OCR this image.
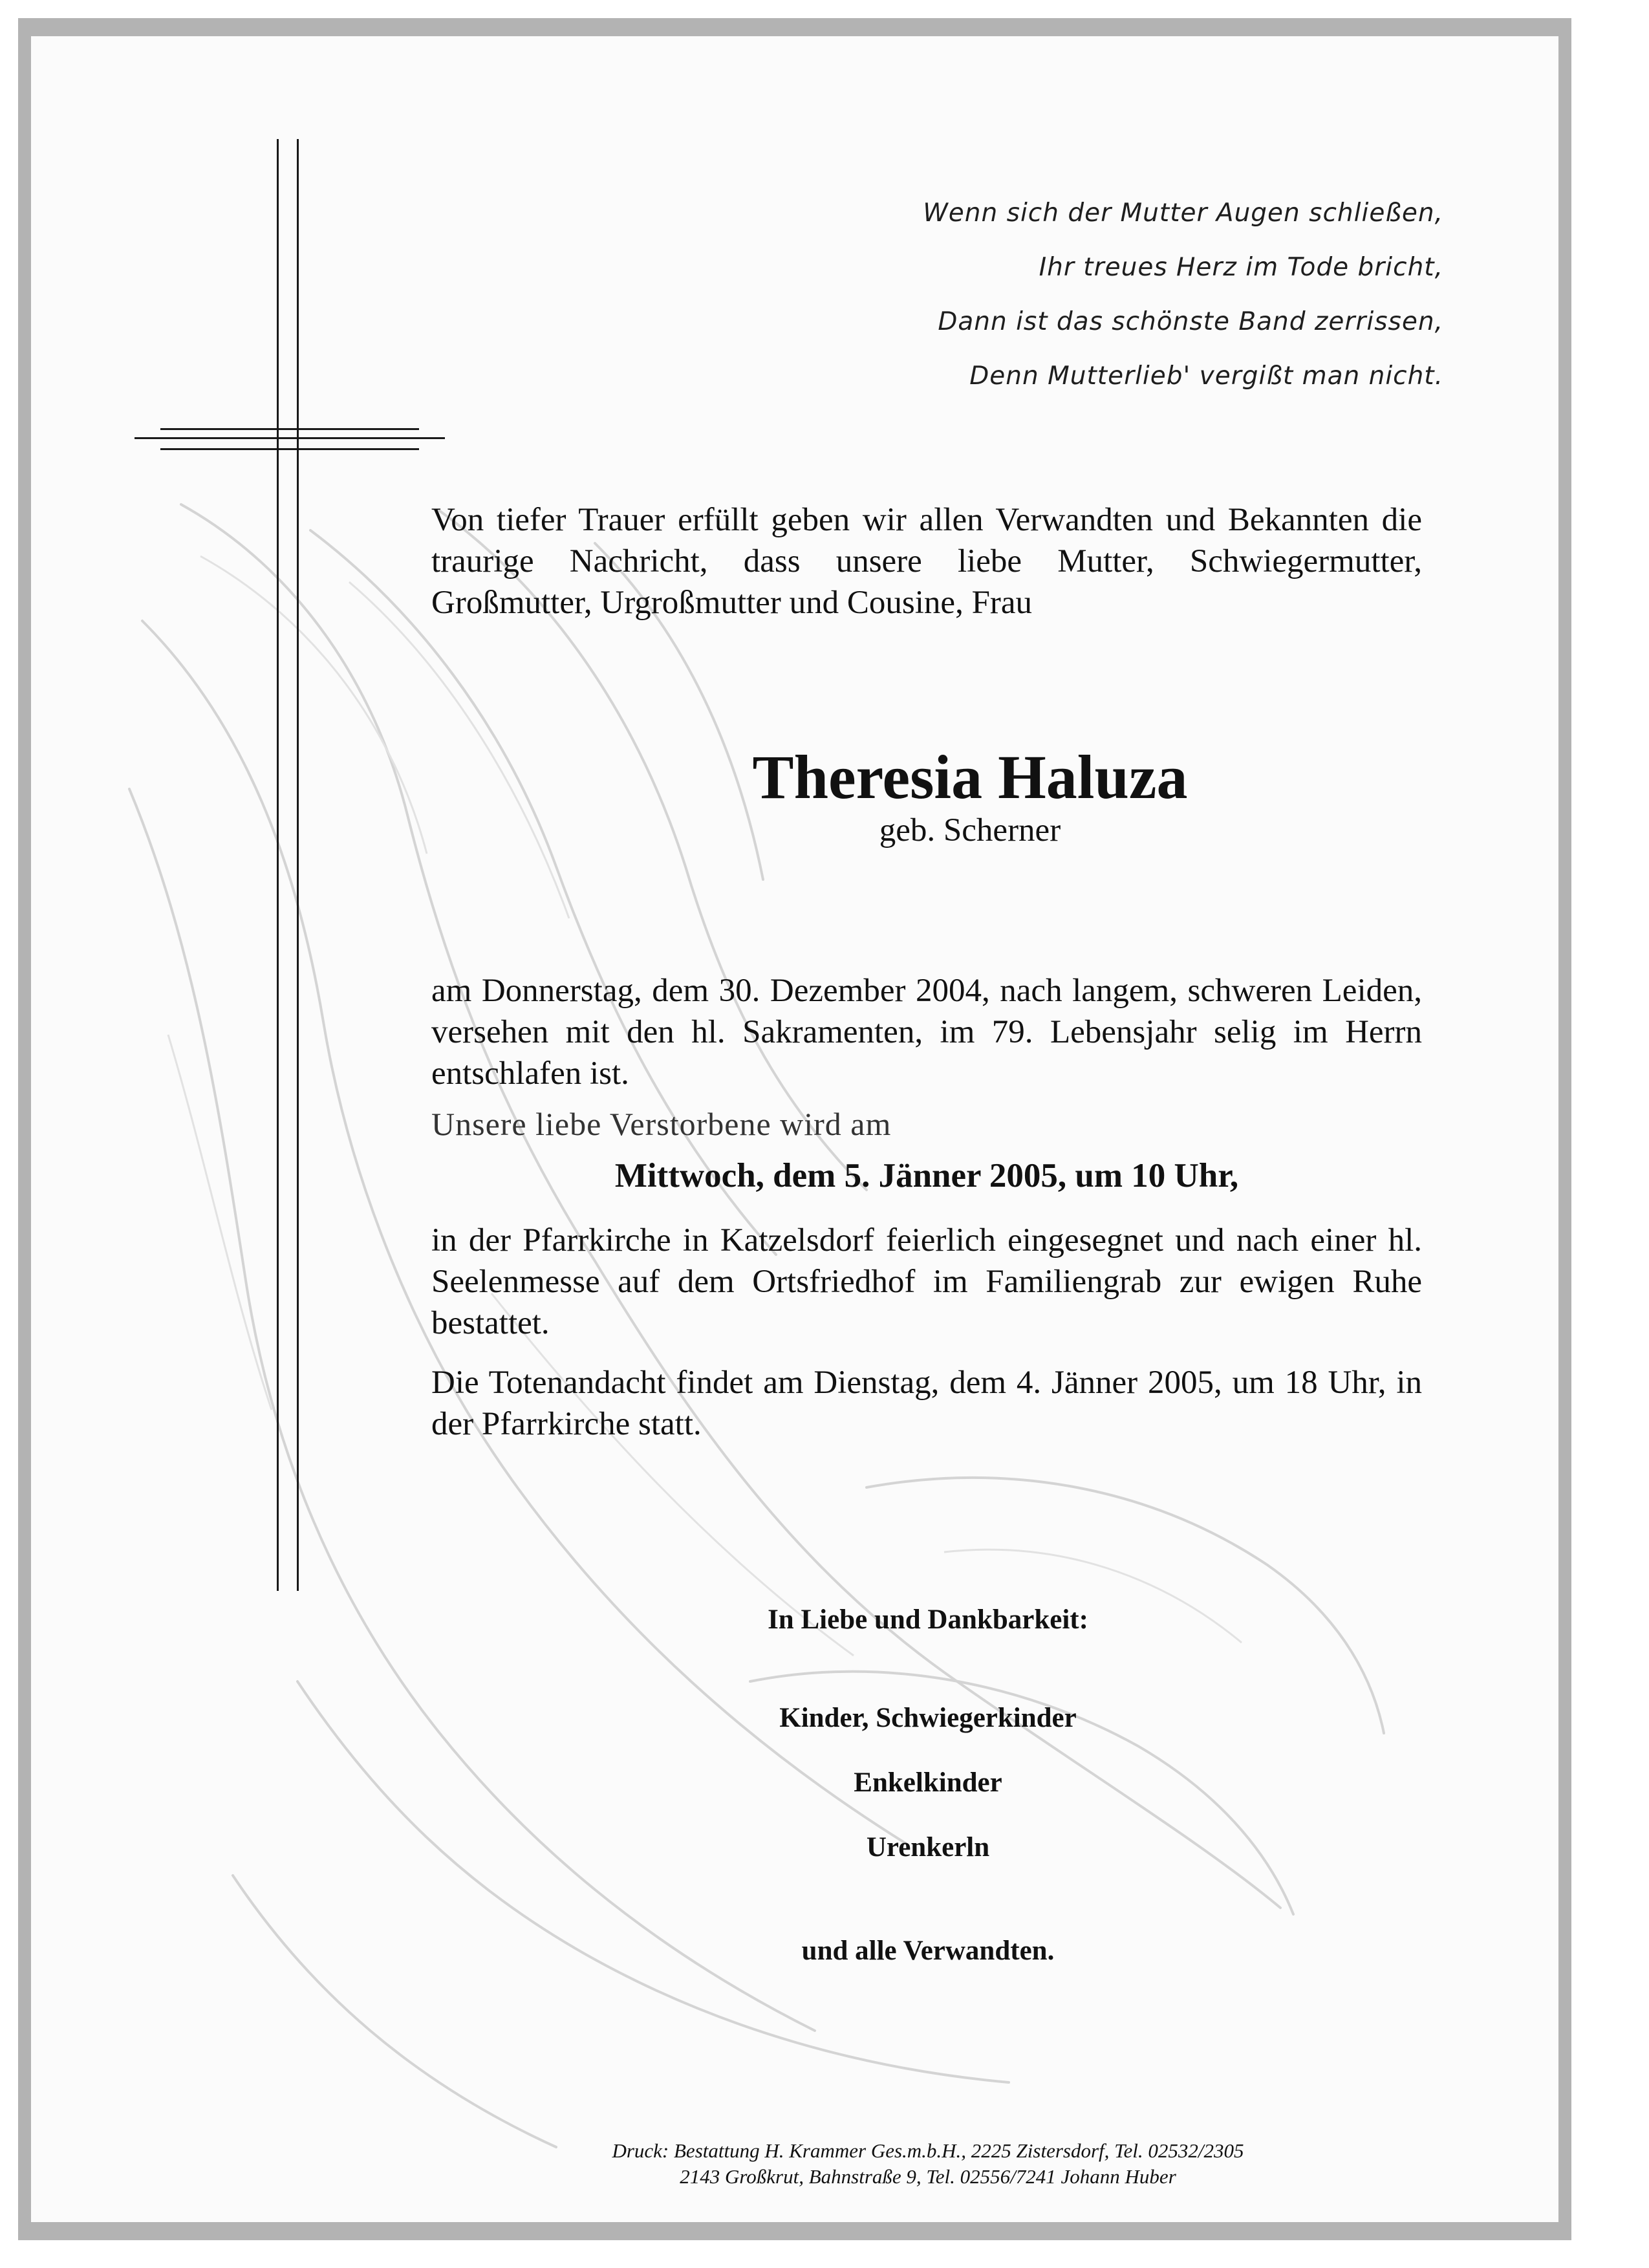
Wenn sich der Mutter Augen schließen,
Ihr treues Herz im Tode bricht,
Dann ist das schönste Band zerrissen,
Denn Mutterlieb' vergißt man nicht.
Von tiefer Trauer erfüllt geben wir allen Verwandten und Bekannten die traurige Nachricht, dass unsere liebe Mutter, Schwiegermutter, Großmutter, Urgroßmutter und Cousine, Frau
Theresia Haluza
geb. Scherner
am Donnerstag, dem 30. Dezember 2004, nach langem, schweren Leiden, versehen mit den hl. Sakramenten, im 79. Lebensjahr selig im Herrn entschlafen ist.
Unsere liebe Verstorbene wird am
Mittwoch, dem 5. Jänner 2005, um 10 Uhr,
in der Pfarrkirche in Katzelsdorf feierlich eingesegnet und nach einer hl. Seelenmesse auf dem Ortsfriedhof im Familiengrab zur ewigen Ruhe bestattet.
Die Totenandacht findet am Dienstag, dem 4. Jänner 2005, um 18 Uhr, in der Pfarrkirche statt.
In Liebe und Dankbarkeit:
Kinder, Schwiegerkinder
Enkelkinder
Urenkerln
und alle Verwandten.
Druck: Bestattung H. Krammer Ges.m.b.H., 2225 Zistersdorf, Tel. 02532/2305
2143 Großkrut, Bahnstraße 9, Tel. 02556/7241 Johann Huber
